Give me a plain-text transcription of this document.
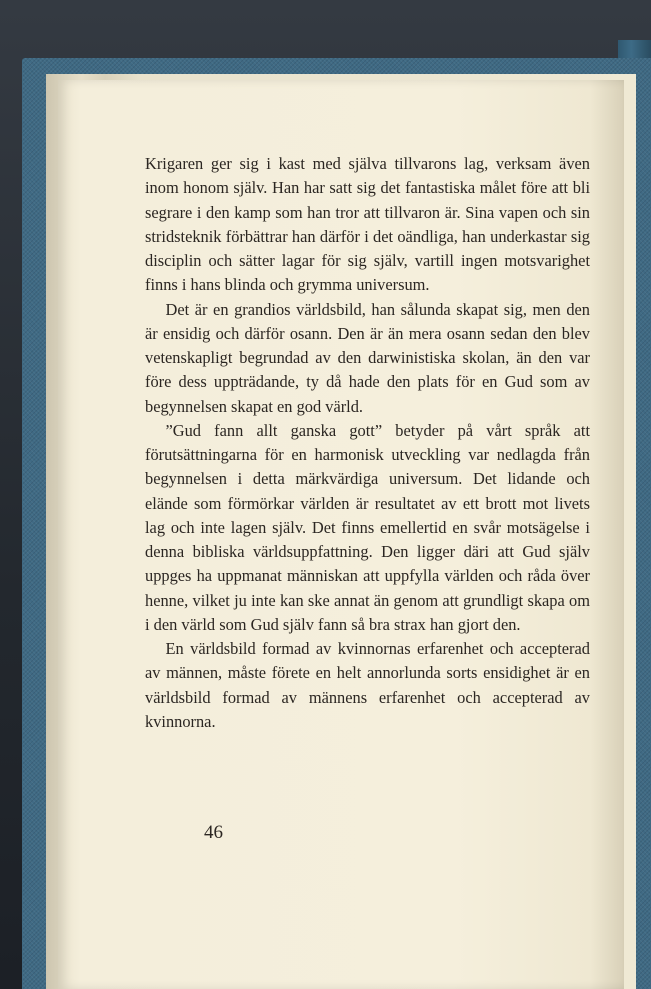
Krigaren ger sig i kast med själva tillvarons lag, verksam även inom honom själv. Han har satt sig det fantastiska målet före att bli segrare i den kamp som han tror att tillvaron är. Sina vapen och sin stridsteknik förbättrar han därför i det oändliga, han underkastar sig disciplin och sätter lagar för sig själv, vartill ingen motsvarighet finns i hans blinda och grymma universum.

Det är en grandios världsbild, han sålunda skapat sig, men den är ensidig och därför osann. Den är än mera osann sedan den blev vetenskapligt begrundad av den darwinistiska skolan, än den var före dess uppträdande, ty då hade den plats för en Gud som av begynnelsen skapat en god värld.

”Gud fann allt ganska gott” betyder på vårt språk att förutsättningarna för en harmonisk utveckling var nedlagda från begynnelsen i detta märkvärdiga universum. Det lidande och elände som förmörkar världen är resultatet av ett brott mot livets lag och inte lagen själv. Det finns emellertid en svår motsägelse i denna bibliska världsuppfattning. Den ligger däri att Gud själv uppges ha uppmanat människan att uppfylla världen och råda över henne, vilket ju inte kan ske annat än genom att grundligt skapa om i den värld som Gud själv fann så bra strax han gjort den.

En världsbild formad av kvinnornas erfarenhet och accepterad av männen, måste förete en helt annorlunda sorts ensidighet är en världsbild formad av männens erfarenhet och accepterad av kvinnorna.

46
